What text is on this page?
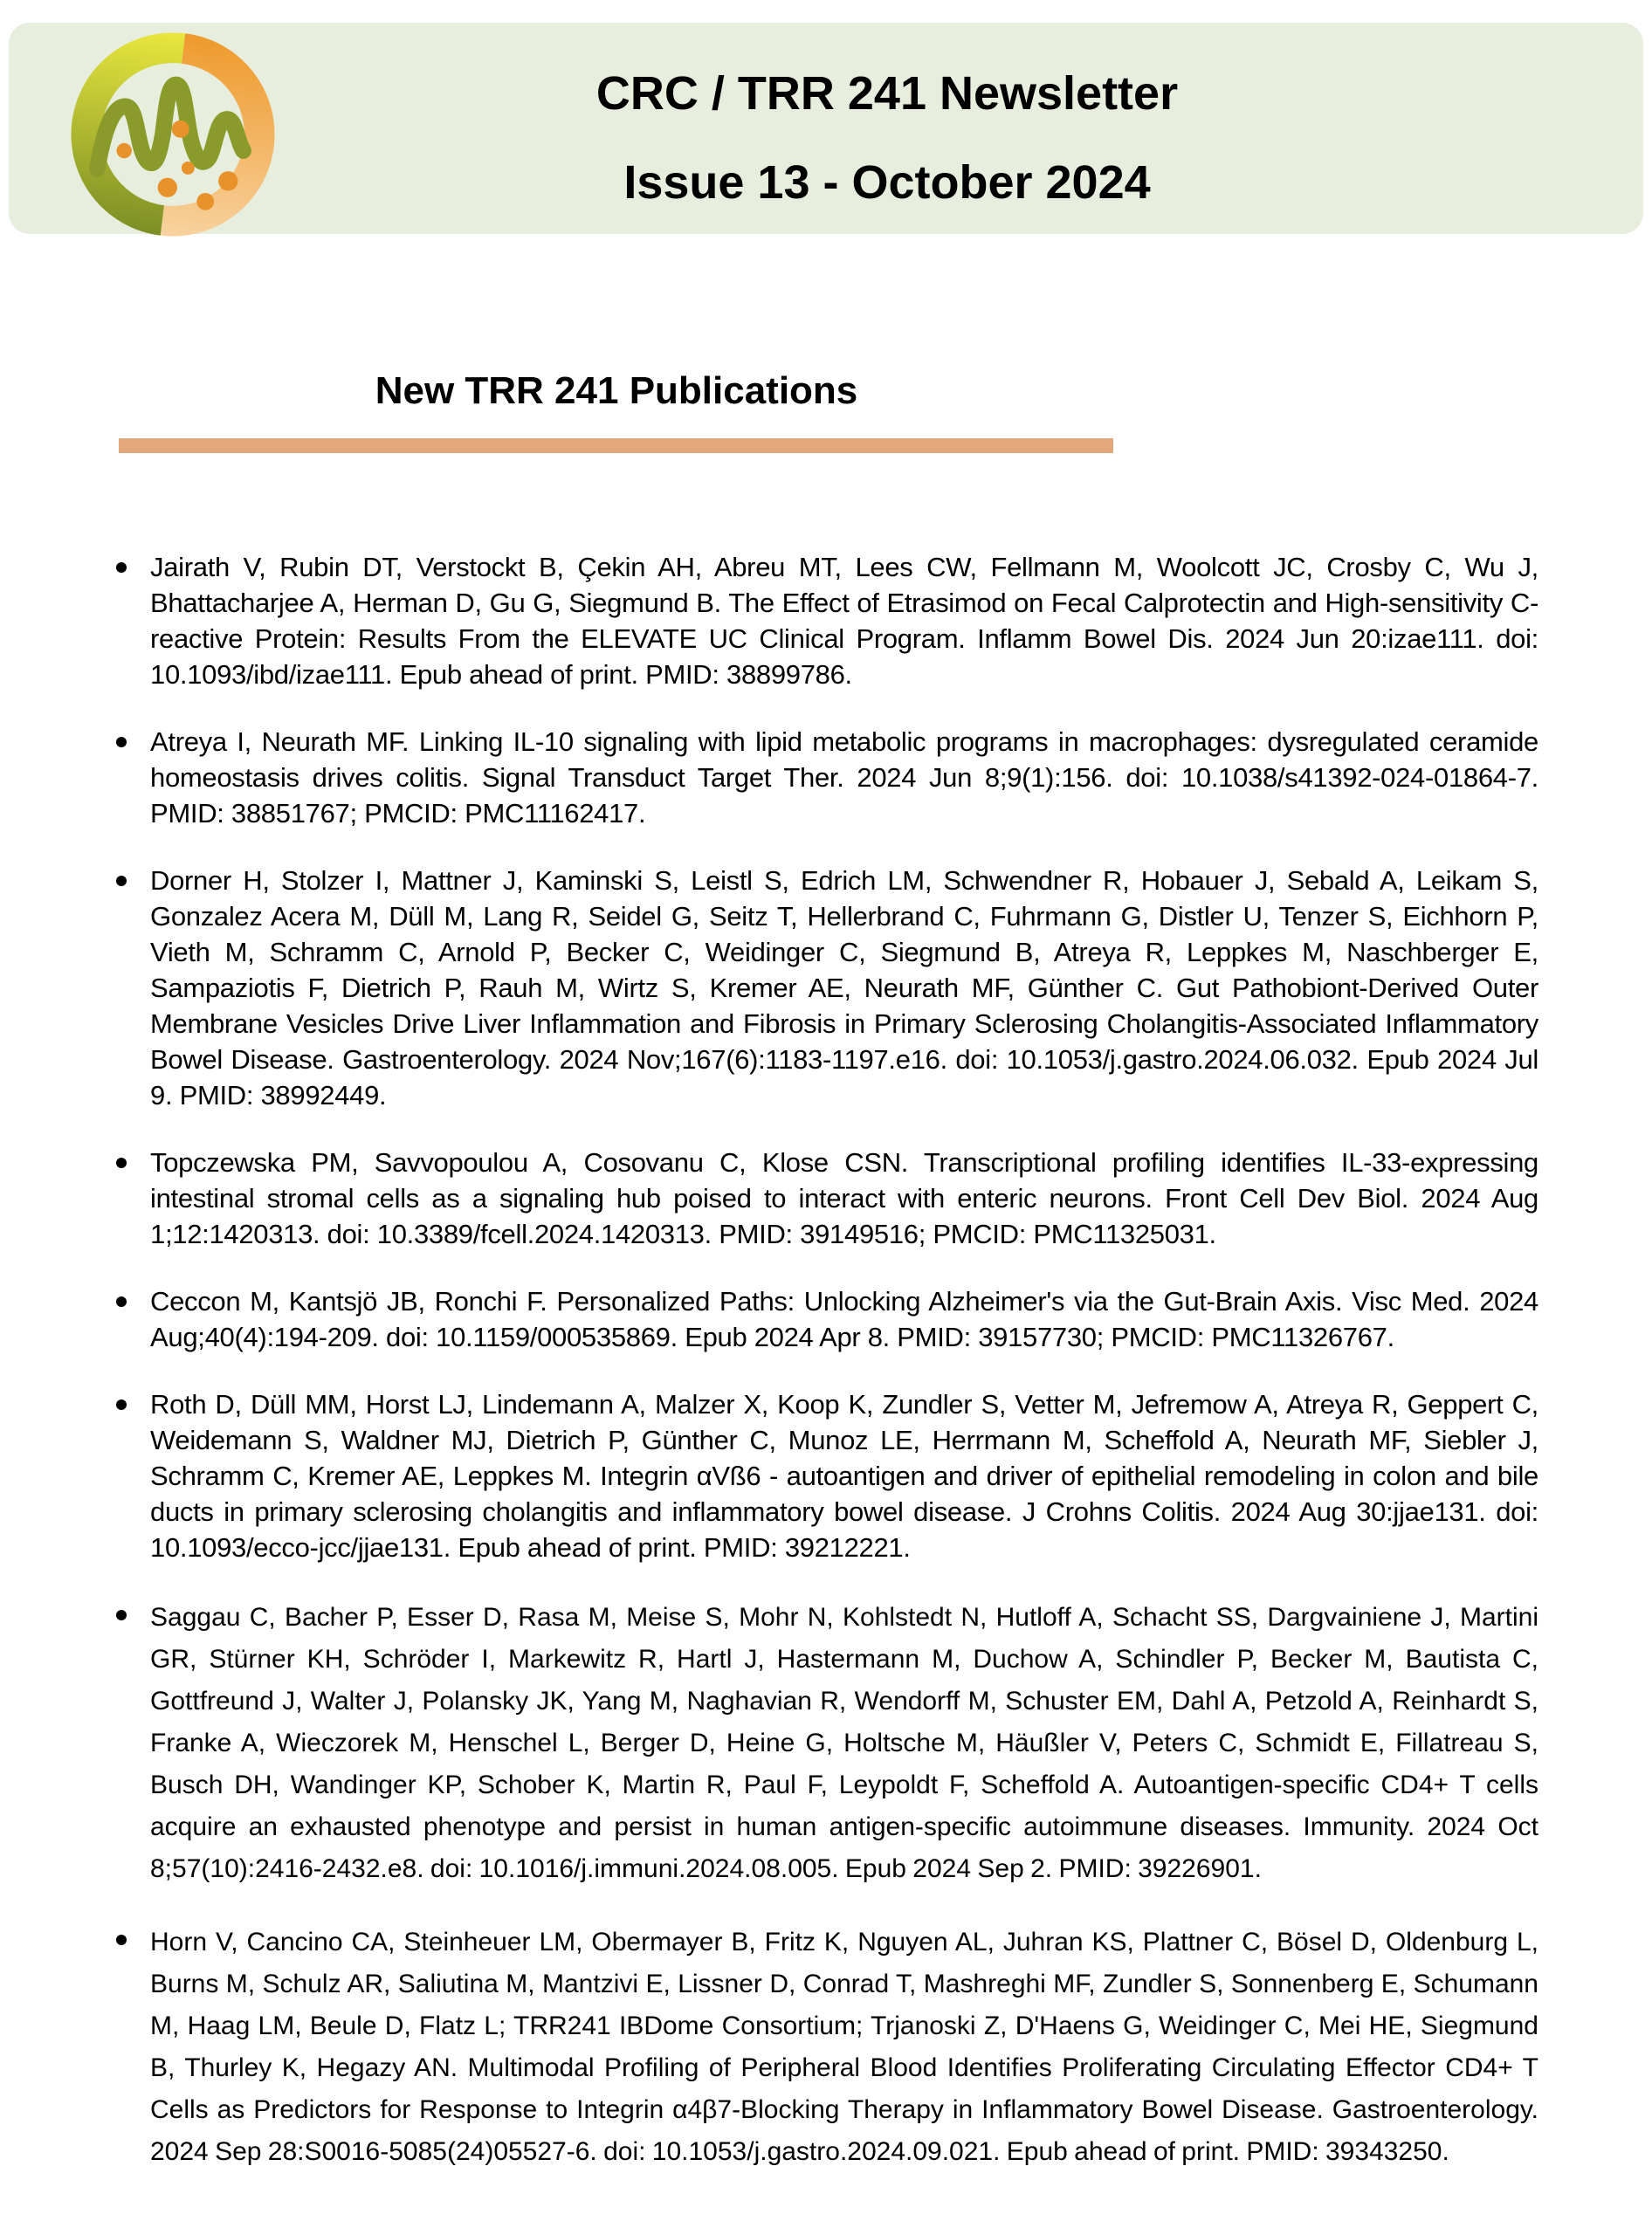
CRC / TRR 241 Newsletter
Issue 13 - October 2024
New TRR 241 Publications

Jairath V, Rubin DT, Verstockt B, Çekin AH, Abreu MT, Lees CW, Fellmann M, Woolcott JC, Crosby C, Wu J, Bhattacharjee A, Herman D, Gu G, Siegmund B. The Effect of Etrasimod on Fecal Calprotectin and High-sensitivity C-reactive Protein: Results From the ELEVATE UC Clinical Program. Inflamm Bowel Dis. 2024 Jun 20:izae111. doi: 10.1093/ibd/izae111. Epub ahead of print. PMID: 38899786.

Atreya I, Neurath MF. Linking IL-10 signaling with lipid metabolic programs in macrophages: dysregulated ceramide homeostasis drives colitis. Signal Transduct Target Ther. 2024 Jun 8;9(1):156. doi: 10.1038/s41392-024-01864-7. PMID: 38851767; PMCID: PMC11162417.

Dorner H, Stolzer I, Mattner J, Kaminski S, Leistl S, Edrich LM, Schwendner R, Hobauer J, Sebald A, Leikam S, Gonzalez Acera M, Düll M, Lang R, Seidel G, Seitz T, Hellerbrand C, Fuhrmann G, Distler U, Tenzer S, Eichhorn P, Vieth M, Schramm C, Arnold P, Becker C, Weidinger C, Siegmund B, Atreya R, Leppkes M, Naschberger E, Sampaziotis F, Dietrich P, Rauh M, Wirtz S, Kremer AE, Neurath MF, Günther C. Gut Pathobiont-Derived Outer Membrane Vesicles Drive Liver Inflammation and Fibrosis in Primary Sclerosing Cholangitis-Associated Inflammatory Bowel Disease. Gastroenterology. 2024 Nov;167(6):1183-1197.e16. doi: 10.1053/j.gastro.2024.06.032. Epub 2024 Jul 9. PMID: 38992449.

Topczewska PM, Savvopoulou A, Cosovanu C, Klose CSN. Transcriptional profiling identifies IL-33-expressing intestinal stromal cells as a signaling hub poised to interact with enteric neurons. Front Cell Dev Biol. 2024 Aug 1;12:1420313. doi: 10.3389/fcell.2024.1420313. PMID: 39149516; PMCID: PMC11325031.

Ceccon M, Kantsjö JB, Ronchi F. Personalized Paths: Unlocking Alzheimer's via the Gut-Brain Axis. Visc Med. 2024 Aug;40(4):194-209. doi: 10.1159/000535869. Epub 2024 Apr 8. PMID: 39157730; PMCID: PMC11326767.

Roth D, Düll MM, Horst LJ, Lindemann A, Malzer X, Koop K, Zundler S, Vetter M, Jefremow A, Atreya R, Geppert C, Weidemann S, Waldner MJ, Dietrich P, Günther C, Munoz LE, Herrmann M, Scheffold A, Neurath MF, Siebler J, Schramm C, Kremer AE, Leppkes M. Integrin αVß6 - autoantigen and driver of epithelial remodeling in colon and bile ducts in primary sclerosing cholangitis and inflammatory bowel disease. J Crohns Colitis. 2024 Aug 30:jjae131. doi: 10.1093/ecco-jcc/jjae131. Epub ahead of print. PMID: 39212221.

Saggau C, Bacher P, Esser D, Rasa M, Meise S, Mohr N, Kohlstedt N, Hutloff A, Schacht SS, Dargvainiene J, Martini GR, Stürner KH, Schröder I, Markewitz R, Hartl J, Hastermann M, Duchow A, Schindler P, Becker M, Bautista C, Gottfreund J, Walter J, Polansky JK, Yang M, Naghavian R, Wendorff M, Schuster EM, Dahl A, Petzold A, Reinhardt S, Franke A, Wieczorek M, Henschel L, Berger D, Heine G, Holtsche M, Häußler V, Peters C, Schmidt E, Fillatreau S, Busch DH, Wandinger KP, Schober K, Martin R, Paul F, Leypoldt F, Scheffold A. Autoantigen-specific CD4+ T cells acquire an exhausted phenotype and persist in human antigen-specific autoimmune diseases. Immunity. 2024 Oct 8;57(10):2416-2432.e8. doi: 10.1016/j.immuni.2024.08.005. Epub 2024 Sep 2. PMID: 39226901.

Horn V, Cancino CA, Steinheuer LM, Obermayer B, Fritz K, Nguyen AL, Juhran KS, Plattner C, Bösel D, Oldenburg L, Burns M, Schulz AR, Saliutina M, Mantzivi E, Lissner D, Conrad T, Mashreghi MF, Zundler S, Sonnenberg E, Schumann M, Haag LM, Beule D, Flatz L; TRR241 IBDome Consortium; Trjanoski Z, D'Haens G, Weidinger C, Mei HE, Siegmund B, Thurley K, Hegazy AN. Multimodal Profiling of Peripheral Blood Identifies Proliferating Circulating Effector CD4+ T Cells as Predictors for Response to Integrin α4β7-Blocking Therapy in Inflammatory Bowel Disease. Gastroenterology. 2024 Sep 28:S0016-5085(24)05527-6. doi: 10.1053/j.gastro.2024.09.021. Epub ahead of print. PMID: 39343250.
